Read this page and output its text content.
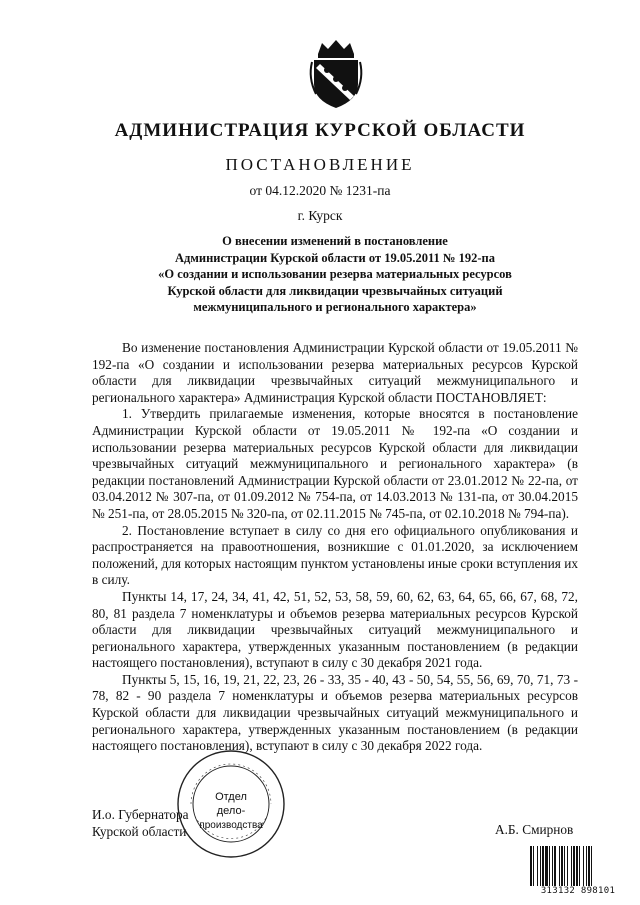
АДМИНИСТРАЦИЯ КУРСКОЙ ОБЛАСТИ
ПОСТАНОВЛЕНИЕ
от 04.12.2020 № 1231-па
г. Курск
О внесении изменений в постановление
Администрации Курской области от 19.05.2011 № 192-па
«О создании и использовании резерва материальных ресурсов
Курской области для ликвидации чрезвычайных ситуаций
межмуниципального и регионального характера»

Во изменение постановления Администрации Курской области от 19.05.2011 № 192-па «О создании и использовании резерва материальных ресурсов Курской области для ликвидации чрезвычайных ситуаций межмуниципального и регионального характера» Администрация Курской области ПОСТАНОВЛЯЕТ:

1. Утвердить прилагаемые изменения, которые вносятся в постановление Администрации Курской области от 19.05.2011 № 192-па «О создании и использовании резерва материальных ресурсов Курской области для ликвидации чрезвычайных ситуаций межмуниципального и регионального характера» (в редакции постановлений Администрации Курской области от 23.01.2012 № 22-па, от 03.04.2012 № 307-па, от 01.09.2012 № 754-па, от 14.03.2013 № 131-па, от 30.04.2015 № 251-па, от 28.05.2015 № 320-па, от 02.11.2015 № 745-па, от 02.10.2018 № 794-па).

2. Постановление вступает в силу со дня его официального опубликования и распространяется на правоотношения, возникшие с 01.01.2020, за исключением положений, для которых настоящим пунктом установлены иные сроки вступления их в силу.

Пункты 14, 17, 24, 34, 41, 42, 51, 52, 53, 58, 59, 60, 62, 63, 64, 65, 66, 67, 68, 72, 80, 81 раздела 7 номенклатуры и объемов резерва материальных ресурсов Курской области для ликвидации чрезвычайных ситуаций межмуниципального и регионального характера, утвержденных указанным постановлением (в редакции настоящего постановления), вступают в силу с 30 декабря 2021 года.

Пункты 5, 15, 16, 19, 21, 22, 23, 26 - 33, 35 - 40, 43 - 50, 54, 55, 56, 69, 70, 71, 73 - 78, 82 - 90 раздела 7 номенклатуры и объемов резерва материальных ресурсов Курской области для ликвидации чрезвычайных ситуаций межмуниципального и регионального характера, утвержденных указанным постановлением (в редакции настоящего постановления), вступают в силу с 30 декабря 2022 года.

И.о. Губернатора
Курской области	А.Б. Смирнов
Отдел
дело-
производства
313132 898101
